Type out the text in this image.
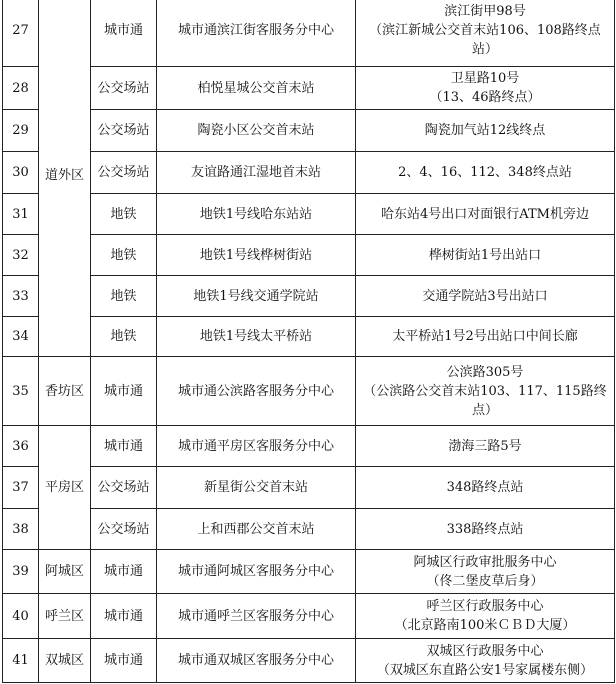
27	道外区	城市通	城市通滨江街客服务分中心	滨江街甲98号
（滨江新城公交首末站106、108路终点
站）

28		公交场站	柏悦星城公交首末站	卫星路10号
（13、46路终点）

29		公交场站	陶瓷小区公交首末站	陶瓷加气站12线终点

30		公交场站	友谊路通江湿地首末站	2、4、16、112、348终点站

31		地铁	地铁1号线哈东站站	哈东站4号出口对面银行ATM机旁边

32		地铁	地铁1号线桦树街站	桦树街站1号出站口

33		地铁	地铁1号线交通学院站	交通学院站3号出站口

34		地铁	地铁1号线太平桥站	太平桥站1号2号出站口中间长廊

35	香坊区	城市通	城市通公滨路客服务分中心	公滨路305号
（公滨路公交首末站103、117、115路终
点）

36	平房区	城市通	城市通平房区客服务分中心	渤海三路5号

37		公交场站	新星街公交首末站	348路终点站

38		公交场站	上和西郡公交首末站	338路终点站

39	阿城区	城市通	城市通阿城区客服务分中心	阿城区行政审批服务中心
（佟二堡皮草后身）

40	呼兰区	城市通	城市通呼兰区客服务分中心	呼兰区行政服务中心
（北京路南100米ＣＢＤ大厦）

41	双城区	城市通	城市通双城区客服务分中心	双城区行政服务中心
（双城区东直路公安1号家属楼东侧）
